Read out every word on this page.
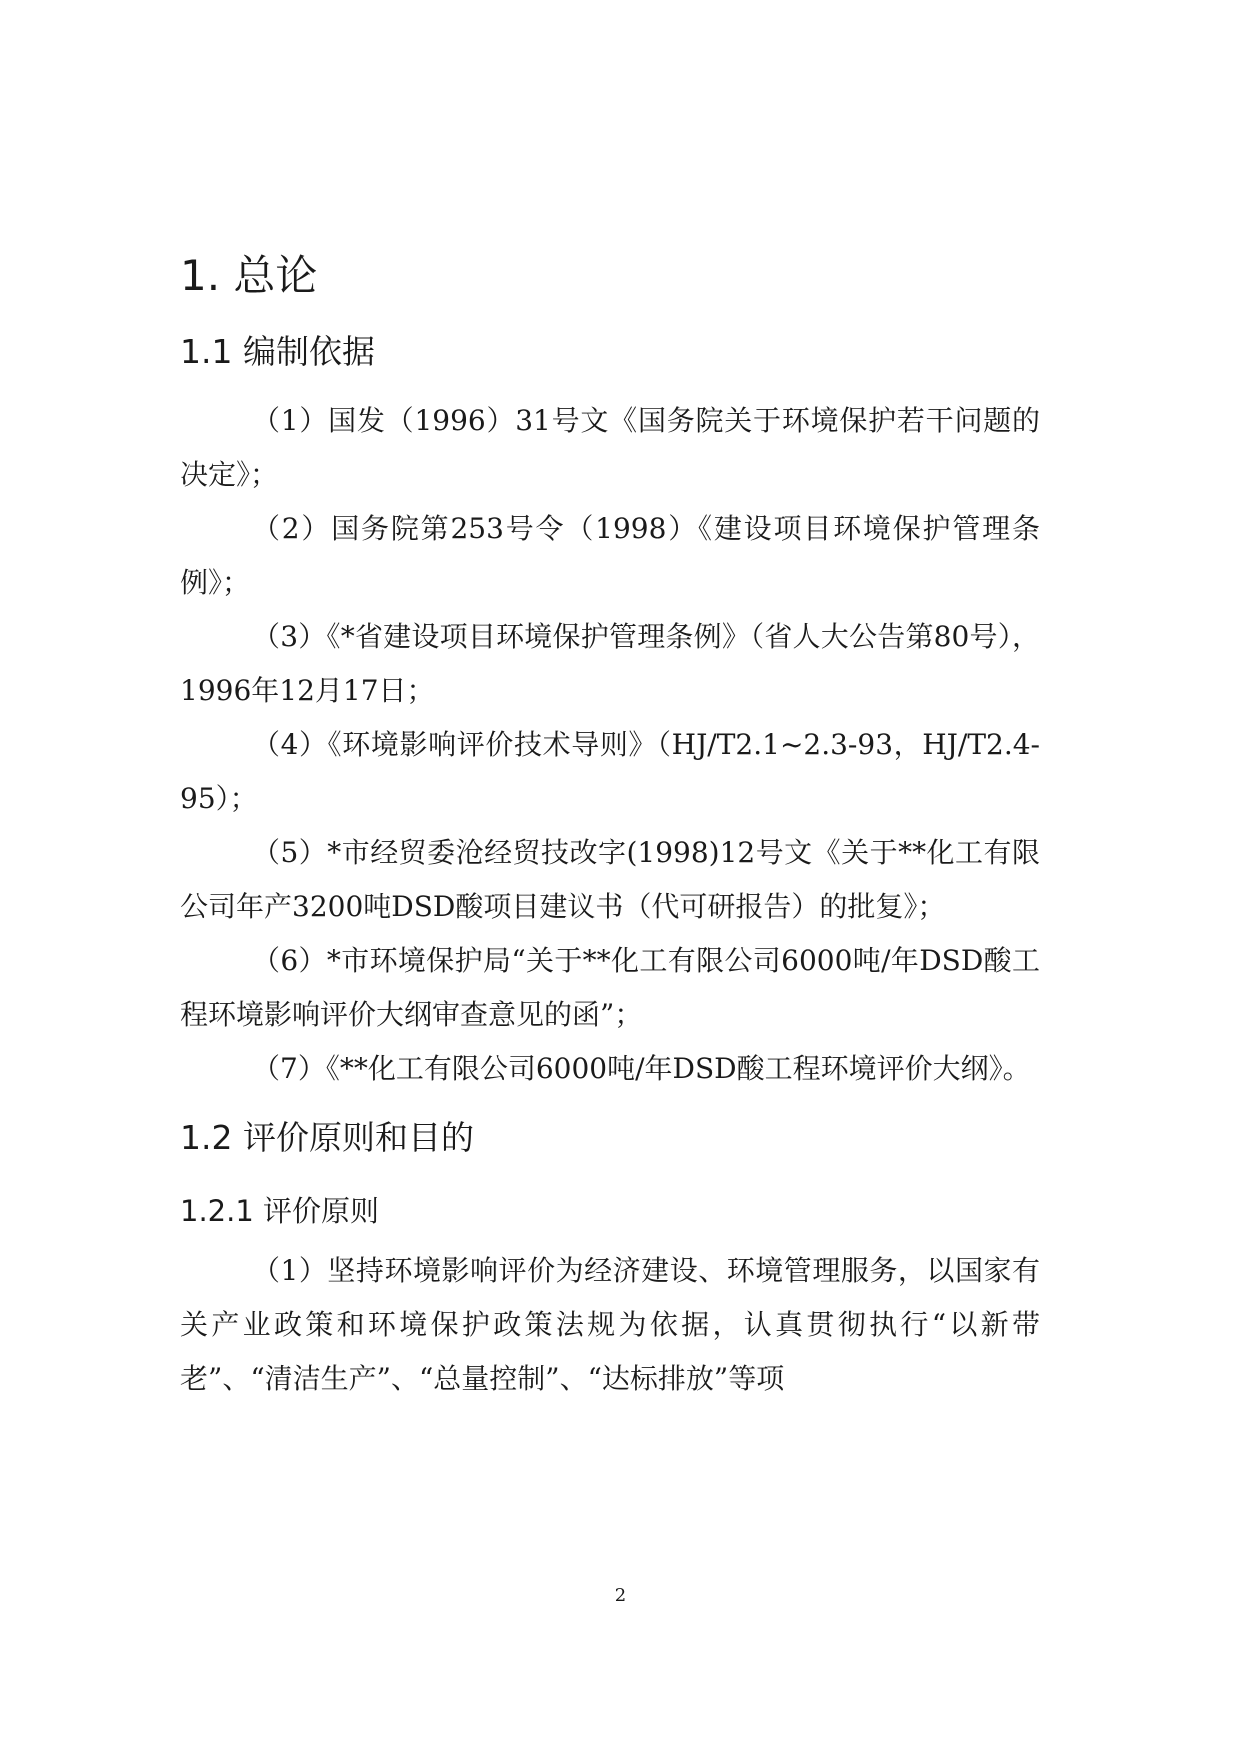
1. 总论
1.1 编制依据

（1）国发（1996）31号文《国务院关于环境保护若干问题的决定》；

（2）国务院第253号令（1998）《建设项目环境保护管理条例》；

（3）《*省建设项目环境保护管理条例》（省人大公告第80号），1996年12月17日；

（4）《环境影响评价技术导则》（HJ/T2.1~2.3-93，HJ/T2.4-95）；

（5）*市经贸委沧经贸技改字(1998)12号文《关于**化工有限公司年产3200吨DSD酸项目建议书（代可研报告）的批复》；

（6）*市环境保护局“关于**化工有限公司6000吨/年DSD酸工程环境影响评价大纲审查意见的函”；

（7）《**化工有限公司6000吨/年DSD酸工程环境评价大纲》。

1.2 评价原则和目的
1.2.1 评价原则

（1）坚持环境影响评价为经济建设、环境管理服务，以国家有关产业政策和环境保护政策法规为依据，认真贯彻执行“以新带老”、“清洁生产”、“总量控制”、“达标排放”等项

2
